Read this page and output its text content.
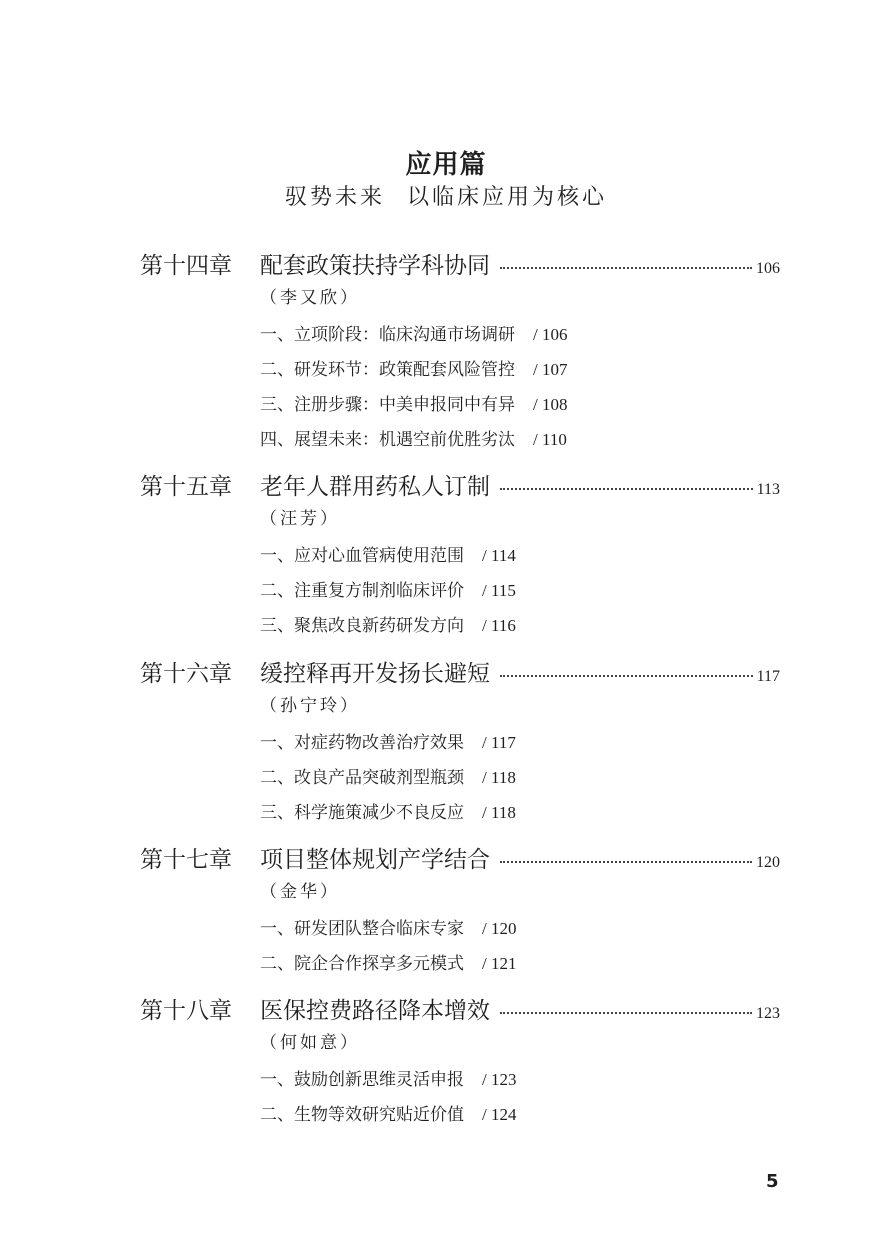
应用篇
驭势未来 以临床应用为核心
第十四章	配套政策扶持学科协同	106
（李又欣）
一、立项阶段：临床沟通市场调研 / 106
二、研发环节：政策配套风险管控 / 107
三、注册步骤：中美申报同中有异 / 108
四、展望未来：机遇空前优胜劣汰 / 110
第十五章	老年人群用药私人订制	113
（汪芳）
一、应对心血管病使用范围 / 114
二、注重复方制剂临床评价 / 115
三、聚焦改良新药研发方向 / 116
第十六章	缓控释再开发扬长避短	117
（孙宁玲）
一、对症药物改善治疗效果 / 117
二、改良产品突破剂型瓶颈 / 118
三、科学施策减少不良反应 / 118
第十七章	项目整体规划产学结合	120
（金华）
一、研发团队整合临床专家 / 120
二、院企合作探享多元模式 / 121
第十八章	医保控费路径降本增效	123
（何如意）
一、鼓励创新思维灵活申报 / 123
二、生物等效研究贴近价值 / 124
5
